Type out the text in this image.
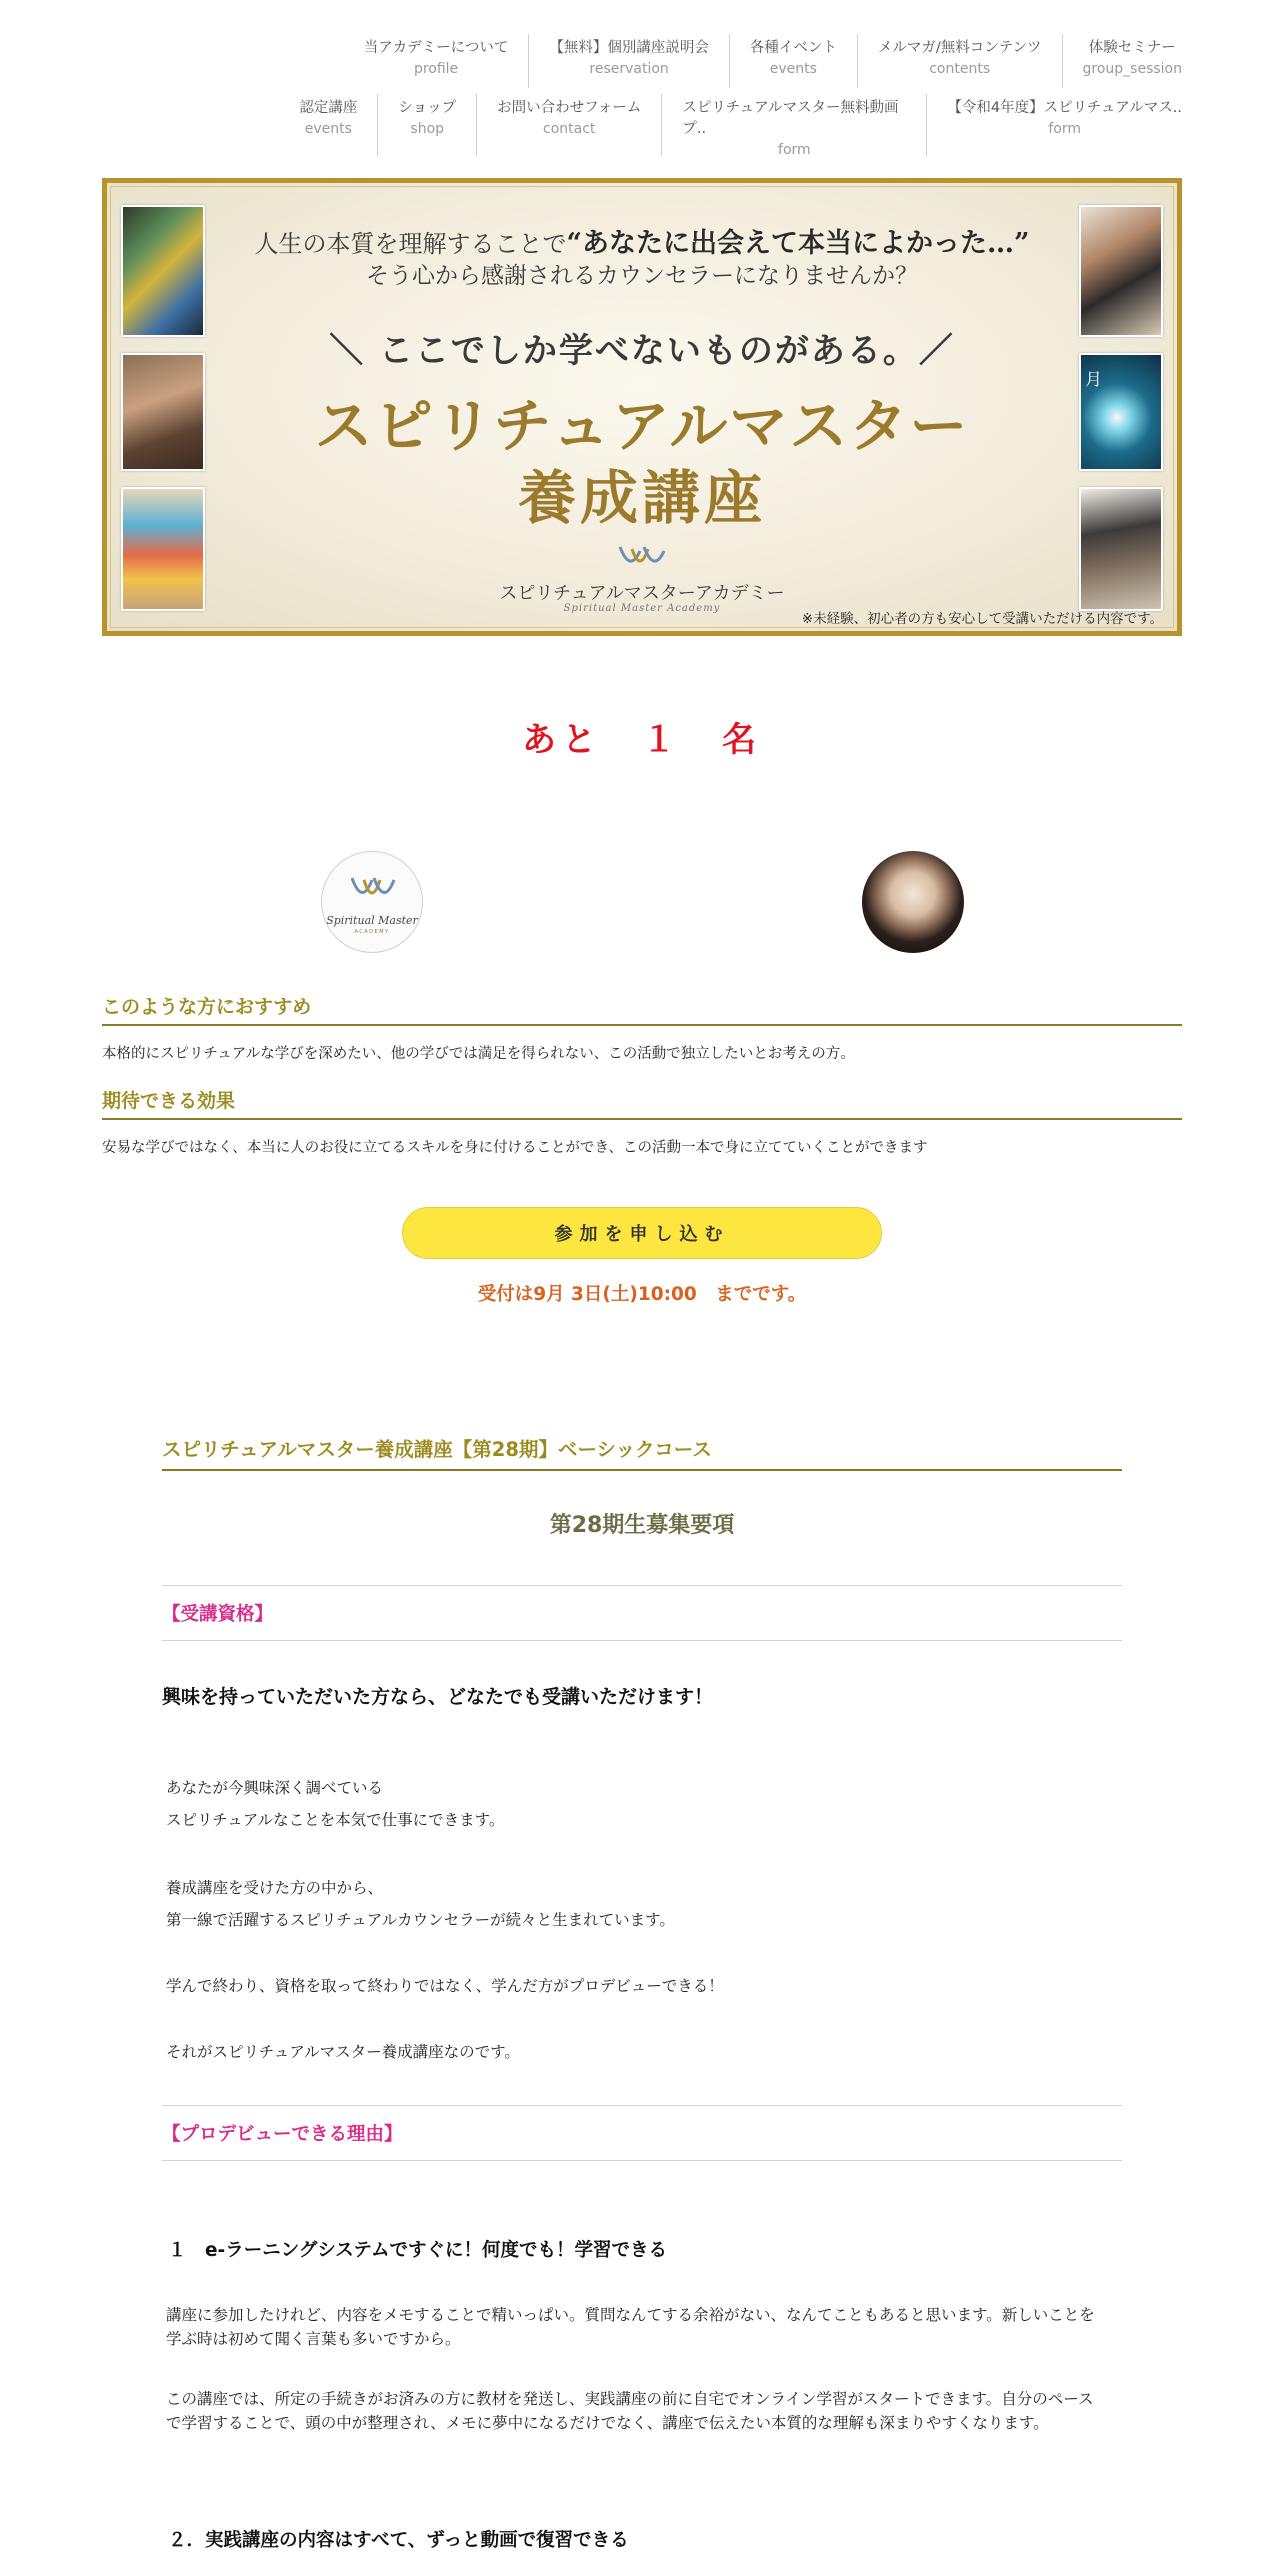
当アカデミーについて
profile
【無料】個別講座説明会
reservation
各種イベント
events
メルマガ/無料コンテンツ
contents
体験セミナー
group_session
認定講座
events
ショップ
shop
お問い合わせフォーム
contact
スピリチュアルマスター無料動画プ..
form
【令和4年度】スピリチュアルマス..
form
月
人生の本質を理解することで“あなたに出会えて本当によかった…”
そう心から感謝されるカウンセラーになりませんか？
＼ ここでしか学べないものがある。／
スピリチュアルマスター
養成講座
スピリチュアルマスターアカデミー
Spiritual Master Academy
※未経験、初心者の方も安心して受講いただける内容です。
あと　１　名
Spiritual Master
ACADEMY
このような方におすすめ
本格的にスピリチュアルな学びを深めたい、他の学びでは満足を得られない、この活動で独立したいとお考えの方。
期待できる効果
安易な学びではなく、本当に人のお役に立てるスキルを身に付けることができ、この活動一本で身に立てていくことができます
参加を申し込む
受付は9月 3日(土)10:00　までです。
スピリチュアルマスター養成講座【第28期】ベーシックコース
第28期生募集要項
【受講資格】
興味を持っていただいた方なら、どなたでも受講いただけます！
あなたが今興味深く調べている
スピリチュアルなことを本気で仕事にできます。
養成講座を受けた方の中から、
第一線で活躍するスピリチュアルカウンセラーが続々と生まれています。
学んで終わり、資格を取って終わりではなく、学んだ方がプロデビューできる！
それがスピリチュアルマスター養成講座なのです。
【プロデビューできる理由】
１　e-ラーニングシステムですぐに！何度でも！学習できる
講座に参加したけれど、内容をメモすることで精いっぱい。質問なんてする余裕がない、なんてこともあると思います。新しいことを学ぶ時は初めて聞く言葉も多いですから。
この講座では、所定の手続きがお済みの方に教材を発送し、実践講座の前に自宅でオンライン学習がスタートできます。自分のペースで学習することで、頭の中が整理され、メモに夢中になるだけでなく、講座で伝えたい本質的な理解も深まりやすくなります。
２．実践講座の内容はすべて、ずっと動画で復習できる
